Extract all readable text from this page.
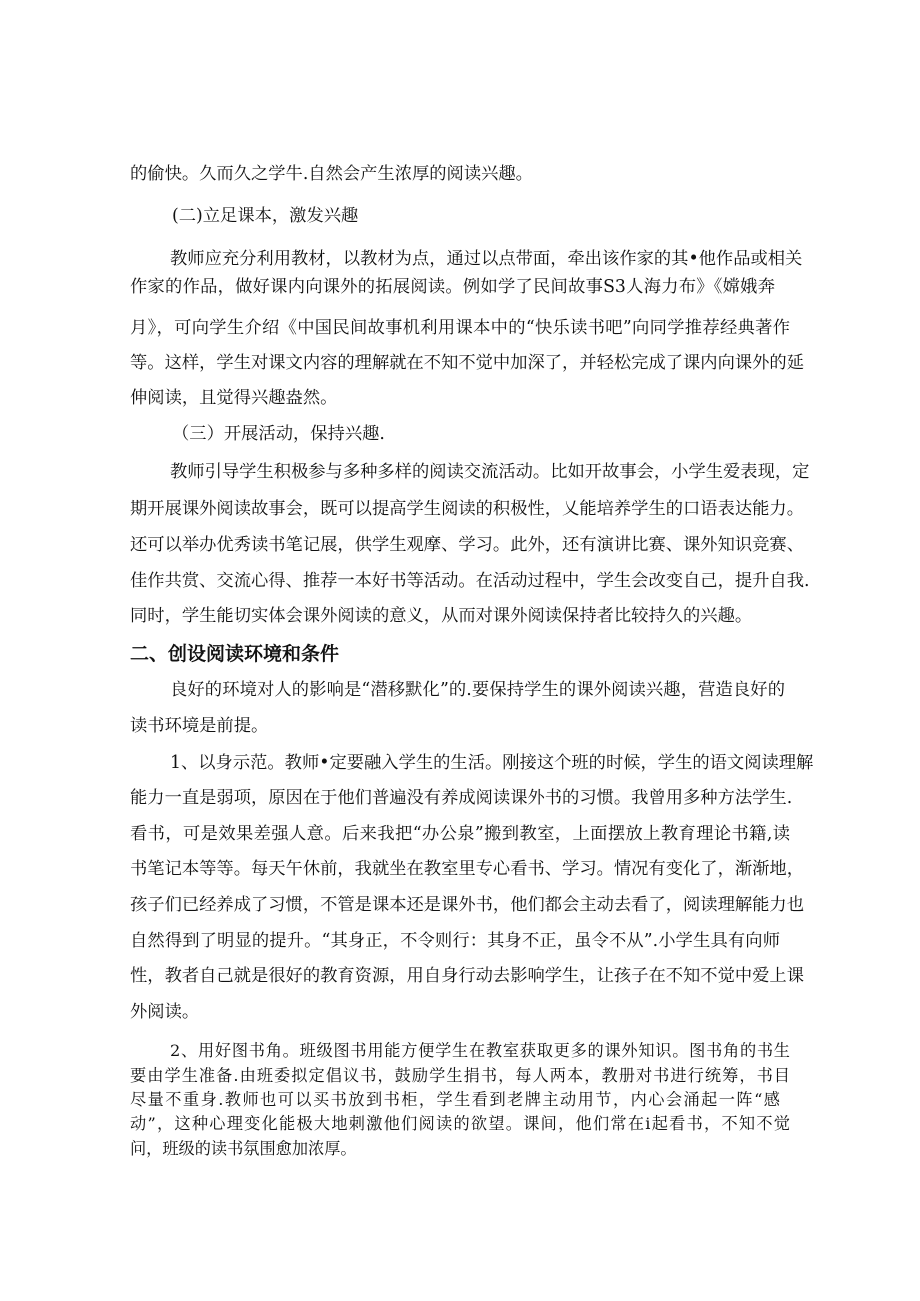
的偷快。久而久之学牛.自然会产生浓厚的阅读兴趣。
(二)立足课本，激发兴趣
教师应充分利用教材，以教材为点，通过以点带面，牵出该作家的其•他作品或相关
作家的作品，做好课内向课外的拓展阅读。例如学了民间故事S3人海力布》《嫦娥奔
月》，可向学生介绍《中国民间故事机利用课本中的“快乐读书吧”向同学推荐经典著作
等。这样，学生对课文内容的理解就在不知不觉中加深了，并轻松完成了课内向课外的延
伸阅读，且觉得兴趣盎然。
（三）开展活动，保持兴趣.
教师引导学生积极参与多种多样的阅读交流活动。比如开故事会，小学生爱表现，定
期开展课外阅读故事会，既可以提高学生阅读的积极性，乂能培养学生的口语表达能力。
还可以举办优秀读书笔记展，供学生观摩、学习。此外，还有演讲比赛、课外知识竞赛、
佳作共赏、交流心得、推荐一本好书等活动。在活动过程中，学生会改变自己，提升自我.
同时，学生能切实体会课外阅读的意义，从而对课外阅读保持者比较持久的兴趣。
二、创设阅读环境和条件
良好的环境对人的影响是“潜移默化”的.要保持学生的课外阅读兴趣，营造良好的
读书环境是前提。
1、以身示范。教师•定要融入学生的生活。刚接这个班的时候，学生的语文阅读理解
能力一直是弱项，原因在于他们普遍没有养成阅读课外书的习惯。我曾用多种方法学生.
看书，可是效果差强人意。后来我把“办公泉”搬到教室，上面摆放上教育理论书籍,读
书笔记本等等。每天午休前，我就坐在教室里专心看书、学习。情况有变化了，渐渐地，
孩子们已经养成了习惯，不管是课本还是课外书，他们都会主动去看了，阅读理解能力也
自然得到了明显的提升。“其身正，不令则行：其身不正，虽令不从”.小学生具有向师
性，教者自己就是很好的教育资源，用自身行动去影响学生，让孩子在不知不觉中爱上课
外阅读。
2、用好图书角。班级图书用能方便学生在教室获取更多的课外知识。图书角的书生
要由学生准备.由班委拟定倡议书，鼓励学生捐书，每人两本，教册对书进行统筹，书目
尽量不重身.教师也可以买书放到书柜，学生看到老牌主动用节，内心会涌起一阵“感
动”，这种心理变化能极大地刺激他们阅读的欲望。课间，他们常在i起看书，不知不觉
问，班级的读书氛围愈加浓厚。
